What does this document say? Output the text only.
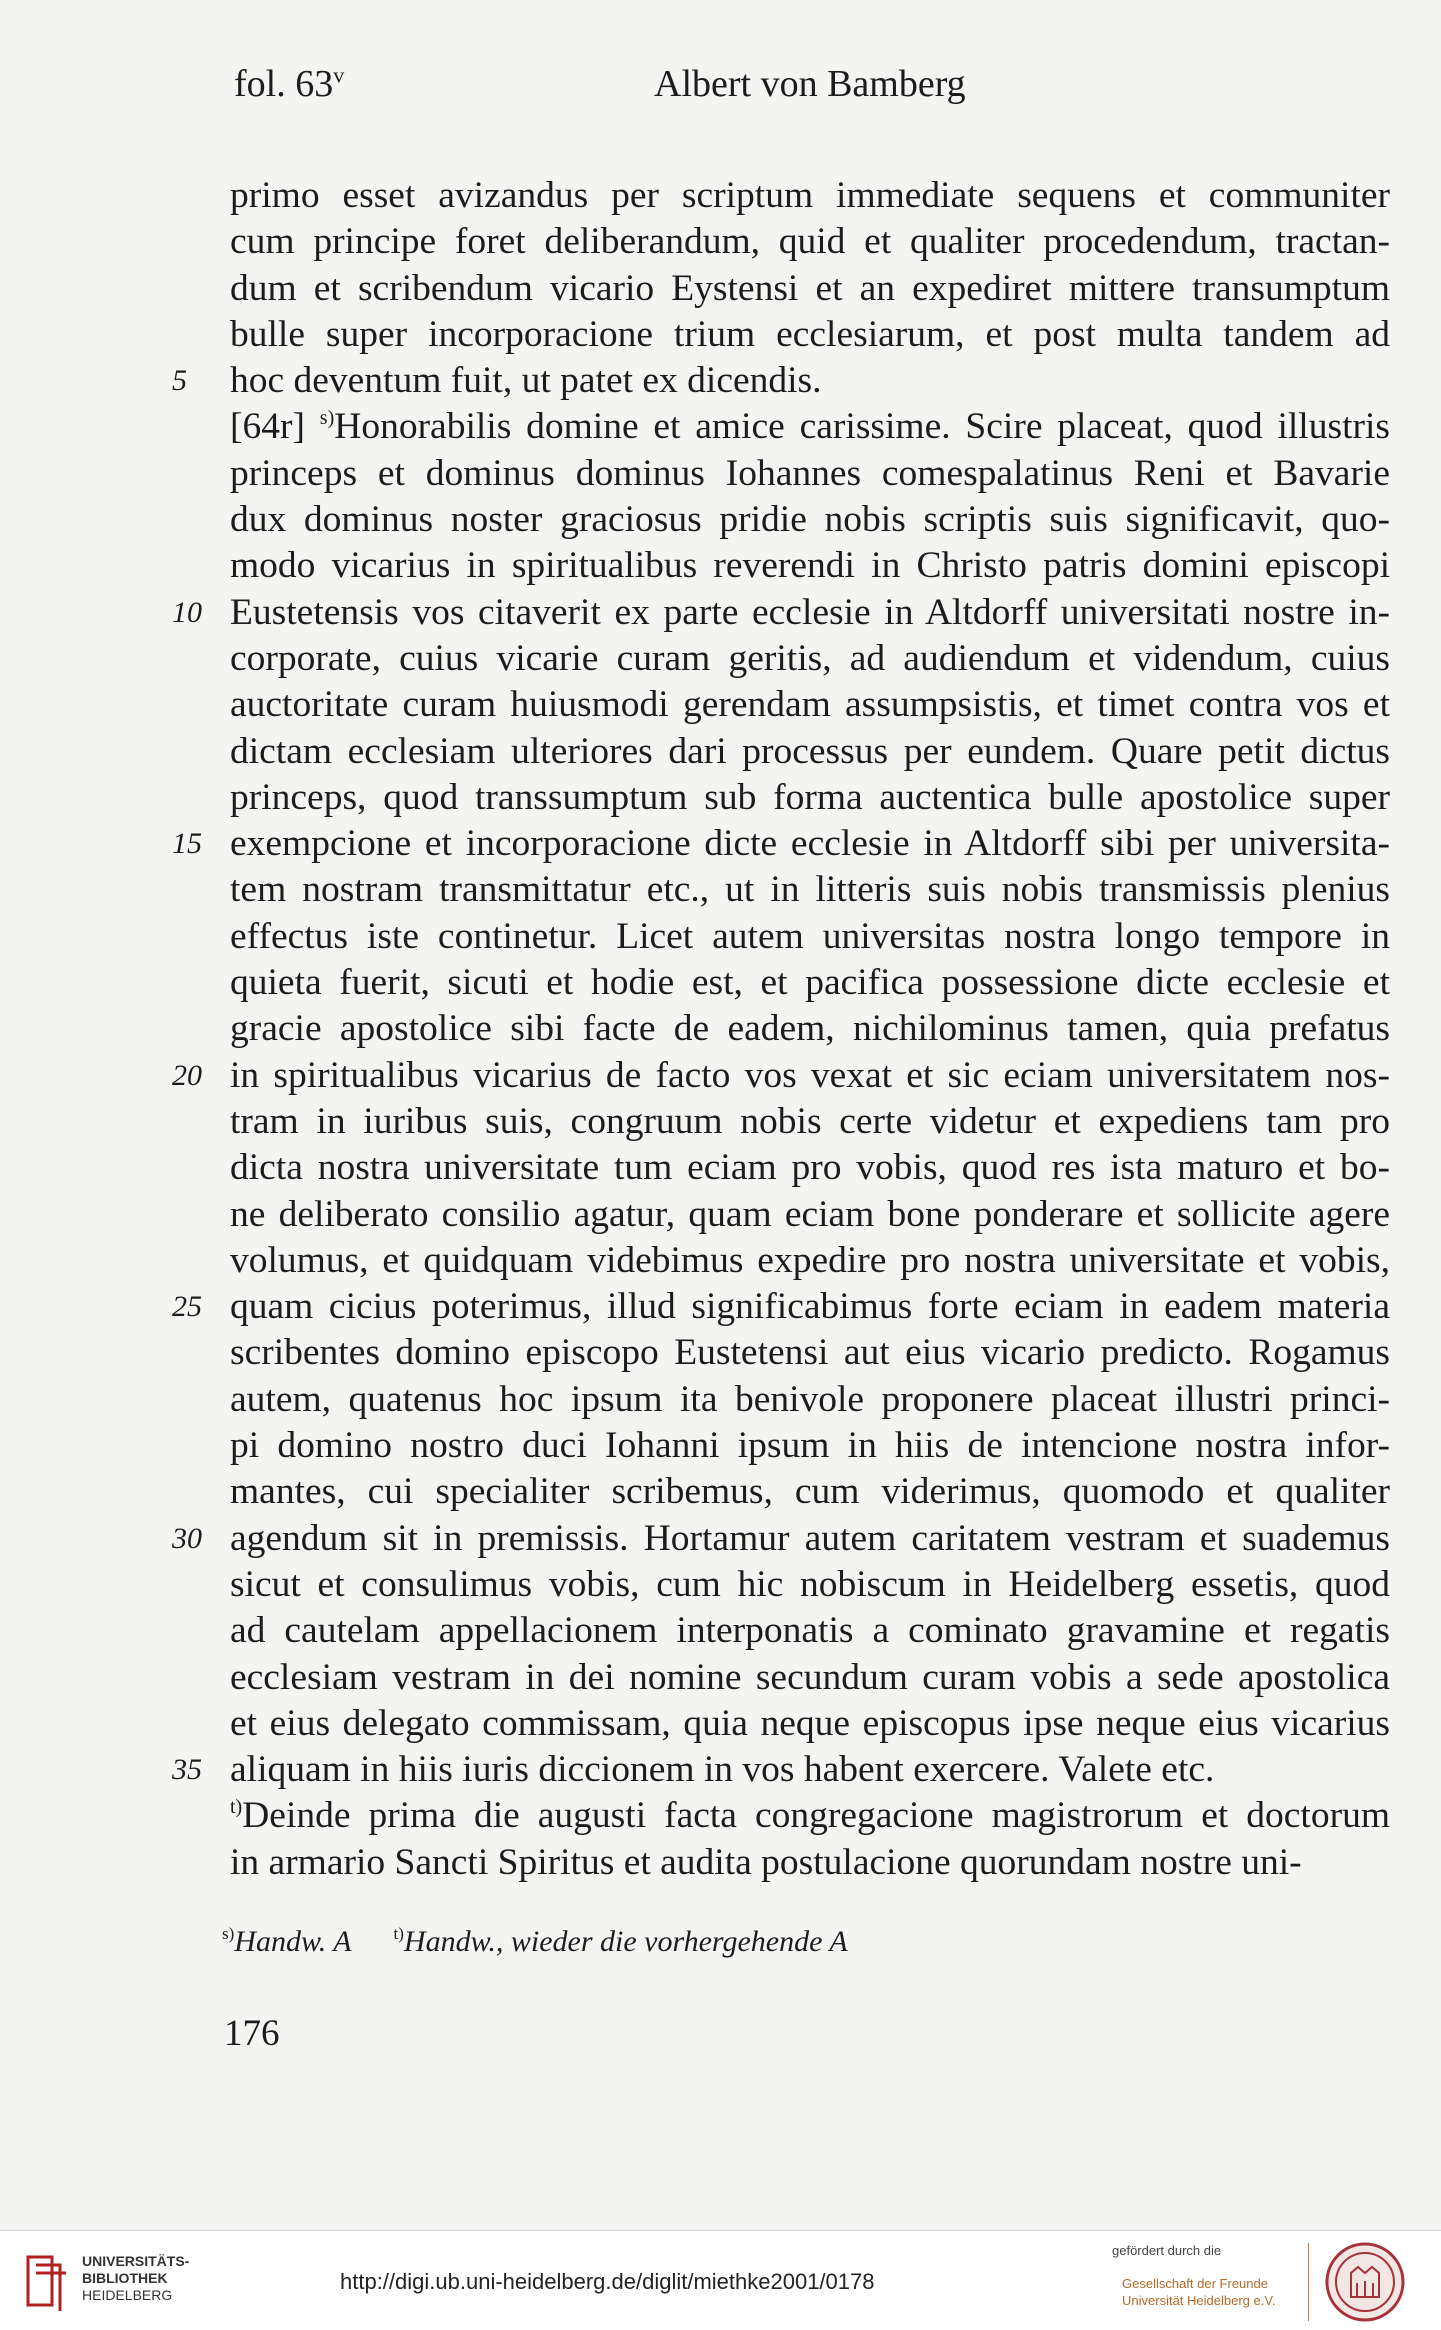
fol. 63$^v$	Albert von Bamberg
primo esset avizandus per scriptum immediate sequens et communiter
cum principe foret deliberandum, quid et qualiter procedendum, tractan-
dum et scribendum vicario Eystensi et an expediret mittere transumptum
bulle super incorporacione trium ecclesiarum, et post multa tandem ad
5	hoc deventum fuit, ut patet ex dicendis.
[64r] $^{s)}$Honorabilis domine et amice carissime. Scire placeat, quod illustris
princeps et dominus dominus Iohannes comespalatinus Reni et Bavarie
dux dominus noster graciosus pridie nobis scriptis suis significavit, quo-
modo vicarius in spiritualibus reverendi in Christo patris domini episcopi
10 Eustetensis vos citaverit ex parte ecclesie in Altdorff universitati nostre in-
corporate, cuius vicarie curam geritis, ad audiendum et videndum, cuius
auctoritate curam huiusmodi gerendam assumpsistis, et timet contra vos et
dictam ecclesiam ulteriores dari processus per eundem. Quare petit dictus
princeps, quod transsumptum sub forma auctentica bulle apostolice super
15 exempcione et incorporacione dicte ecclesie in Altdorff sibi per universita-
tem nostram transmittatur etc., ut in litteris suis nobis transmissis plenius
effectus iste continetur. Licet autem universitas nostra longo tempore in
quieta fuerit, sicuti et hodie est, et pacifica possessione dicte ecclesie et
gracie apostolice sibi facte de eadem, nichilominus tamen, quia prefatus
20 in spiritualibus vicarius de facto vos vexat et sic eciam universitatem nos-
tram in iuribus suis, congruum nobis certe videtur et expediens tam pro
dicta nostra universitate tum eciam pro vobis, quod res ista maturo et bo-
ne deliberato consilio agatur, quam eciam bone ponderare et sollicite agere
volumus, et quidquam videbimus expedire pro nostra universitate et vobis,
25 quam cicius poterimus, illud significabimus forte eciam in eadem materia
scribentes domino episcopo Eustetensi aut eius vicario predicto. Rogamus
autem, quatenus hoc ipsum ita benivole proponere placeat illustri princi-
pi domino nostro duci Iohanni ipsum in hiis de intencione nostra infor-
mantes, cui specialiter scribemus, cum viderimus, quomodo et qualiter
30 agendum sit in premissis. Hortamur autem caritatem vestram et suademus
sicut et consulimus vobis, cum hic nobiscum in Heidelberg essetis, quod
ad cautelam appellacionem interponatis a cominato gravamine et regatis
ecclesiam vestram in dei nomine secundum curam vobis a sede apostolica
et eius delegato commissam, quia neque episcopus ipse neque eius vicarius
35 aliquam in hiis iuris diccionem in vos habent exercere. Valete etc.
$^{t)}$Deinde prima die augusti facta congregacione magistrorum et doctorum
in armario Sancti Spiritus et audita postulacione quorundam nostre uni-
$^{s)}$Handw. A $^{t)}$Handw., wieder die vorhergehende A
176
UNIVERSITÄTS-
BIBLIOTHEK
HEIDELBERG
http://digi.ub.uni-heidelberg.de/diglit/miethke2001/0178
gefördert durch die
Gesellschaft der Freunde
Universität Heidelberg e.V.
